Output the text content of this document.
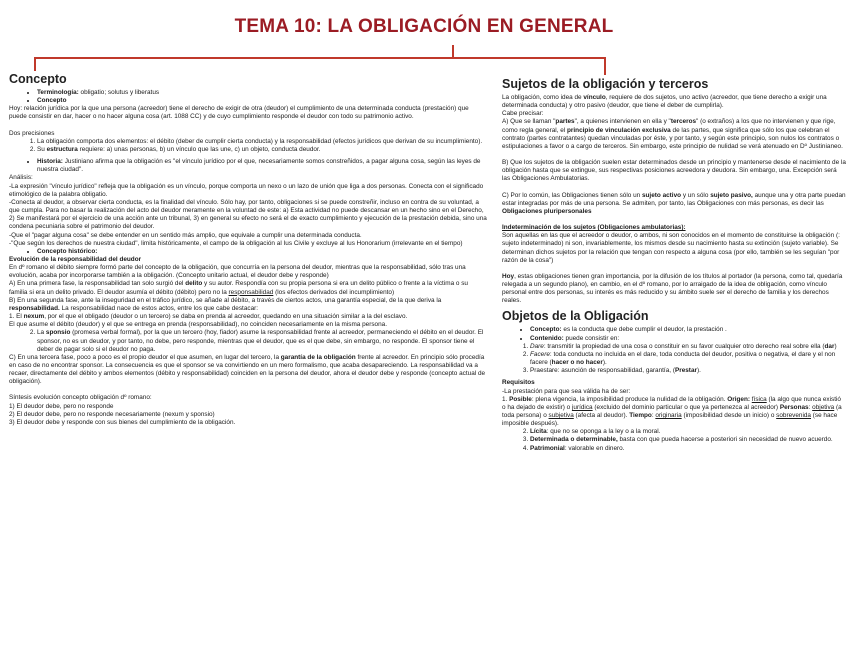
TEMA 10: LA OBLIGACIÓN EN GENERAL
Concepto
• Terminología: obligatio; solutus y liberatus
• Concepto

Hoy: relación jurídica por la que una persona (acreedor) tiene el derecho de exigir de otra (deudor) el cumplimiento de una determinada conducta (prestación) que puede consistir en dar, hacer o no hacer alguna cosa (art. 1088 CC) y de cuyo cumplimiento responde el deudor con todo su patrimonio activo.

Dos precisiones

1. La obligación comporta dos elementos: el débito (deber de cumplir cierta conducta) y la responsabilidad (efectos jurídicos que derivan de su incumplimiento).
2. Su estructura requiere: a) unas personas, b) un vínculo que las une, c) un objeto, conducta deudor.
• Historia: Justiniano afirma que la obligación es "el vínculo jurídico por el que, necesariamente somos constreñidos, a pagar alguna cosa, según las leyes de nuestra ciudad".

Análisis:

-La expresión "vínculo jurídico" refleja que la obligación es un vínculo, porque comporta un nexo o un lazo de unión que liga a dos personas. Conecta con el significado etimológico de la palabra obligatio.

-Conecta al deudor, a observar cierta conducta, es la finalidad del vínculo. Sólo hay, por tanto, obligaciones si se puede constreñir, incluso en contra de su voluntad, a que cumpla. Para no basar la realización del acto del deudor meramente en la voluntad de este: a) Esta actividad no puede descansar en un hecho sino en el Derecho, 2) Se manifestará por el ejercicio de una acción ante un tribunal, 3) en general su efecto no será el de exacto cumplimiento y ejecución de la prestación debida, sino una condena pecuniaria sobre el patrimonio del deudor.

-Que el "pagar alguna cosa" se debe entender en un sentido más amplio, que equivale a cumplir una determinada conducta.

-"Que según los derechos de nuestra ciudad", limita históricamente, el campo de la obligación al Ius Civile y excluye al Ius Honorarium (irrelevante en el tiempo)

• Concepto histórico:

Evolución de la responsabilidad del deudor

En dº romano el débito siempre formó parte del concepto de la obligación, que concurría en la persona del deudor, mientras que la responsabilidad, sólo tras una evolución, acaba por incorporarse también a la obligación. (Concepto unitario actual, el deudor debe y responde)

A) En una primera fase, la responsabilidad tan solo surgió del delito y su autor. Respondía con su propia persona si era un delito público o frente a la víctima o su familia si era un delito privado. El deudor asumía el débito (débito) pero no la responsabilidad (los efectos derivados del incumplimiento)

B) En una segunda fase, ante la inseguridad en el tráfico jurídico, se añade al débito, a través de ciertos actos, una garantía especial, de la que deriva la responsabilidad. La responsabilidad nace de estos actos, entre los que cabe destacar:

1. El nexum, por el que el obligado (deudor o un tercero) se daba en prenda al acreedor, quedando en una situación similar a la del esclavo.

El que asume el débito (deudor) y el que se entrega en prenda (responsabilidad), no coinciden necesariamente en la misma persona.

2. La sponsio (promesa verbal formal), por la que un tercero (hoy, fiador) asume la responsabilidad frente al acreedor, permaneciendo el débito en el deudor. El sponsor, no es un deudor, y por tanto, no debe, pero responde, mientras que el deudor, que es el que debe, sin embargo, no responde. El sponsor tiene el deber de pagar solo si el deudor no paga.

C) En una tercera fase, poco a poco es el propio deudor el que asumen, en lugar del tercero, la garantía de la obligación frente al acreedor. En principio sólo procedía en caso de no encontrar sponsor. La consecuencia es que el sponsor se va convirtiendo en un mero formalismo, que acaba desapareciendo. La responsabilidad va a recaer, directamente del débito y ambos elementos (débito y responsabilidad) coinciden en la persona del deudor, ahora el deudor debe y responde (concepto actual de obligación).

Síntesis evolución concepto obligación dº romano:

1) El deudor debe, pero no responde

2) El deudor debe, pero no responde necesariamente (nexum y sponsio)

3) El deudor debe y responde con sus bienes del cumplimiento de la obligación.

Sujetos de la obligación y terceros

La obligación, como idea de vínculo, requiere de dos sujetos, uno activo (acreedor, que tiene derecho a exigir una determinada conducta) y otro pasivo (deudor, que tiene el deber de cumplirla).

Cabe precisar:

A) Que se llaman "partes", a quienes intervienen en ella y "terceros" (o extraños) a los que no intervienen y que rige, como regla general, el principio de vinculación exclusiva de las partes, que significa que sólo los que celebran el contrato (partes contratantes) quedan vinculadas por éste, y por tanto, y según este principio, son nulos los contratos o estipulaciones a favor o a cargo de terceros. Sin embargo, este principio de nulidad se verá atenuado en Dº Justinianeo.

B) Que los sujetos de la obligación suelen estar determinados desde un principio y mantenerse desde el nacimiento de la obligación hasta que se extingue, sus respectivas posiciones acreedora y deudora. Sin embargo, una. Excepción será las Obligaciones Ambulatorias.

C) Por lo común, las Obligaciones tienen sólo un sujeto activo y un sólo sujeto pasivo, aunque una y otra parte puedan estar integradas por más de una persona. Se admiten, por tanto, las Obligaciones con más personas, es decir las Obligaciones pluripersonales

Indeterminación de los sujetos (Obligaciones ambulatorias):

Son aquellas en las que el acreedor o deudor, o ambos, ni son conocidos en el momento de constituirse la obligación (: sujeto indeterminado) ni son, invariablemente, los mismos desde su nacimiento hasta su extinción (sujeto variable). Se determinan dichos sujetos por la relación que tengan con respecto a alguna cosa (por ello, también se les seguían "por razón de la cosa")

Hoy, estas obligaciones tienen gran importancia, por la difusión de los títulos al portador (la persona, como tal, quedaría relegada a un segundo plano), en cambio, en el dº romano, por lo arraigado de la idea de obligación, como vínculo personal entre dos personas, su interés es más reducido y su ámbito suele ser el derecho de familia y los derechos reales.

Objetos de la Obligación
• Concepto: es la conducta que debe cumplir el deudor, la prestación .
• Contenido: puede consistir en:
1. Dare: transmitir la propiedad de una cosa o constituir en su favor cualquier otro derecho real sobre ella (dar)
2. Facere: toda conducta no incluida en el dare, toda conducta del deudor, positiva o negativa, el dare y el non facere (hacer o no hacer).
3. Praestare: asunción de responsabilidad, garantía, (Prestar).

Requisitos

-La prestación para que sea válida ha de ser:

1. Posible: plena vigencia, la imposibilidad produce la nulidad de la obligación. Origen: física (la algo que nunca existió o ha dejado de existir) o jurídica (excluido del dominio particular o que ya pertenezca al acreedor) Personas: objetiva (a toda persona) o subjetiva (afecta al deudor). Tiempo: originaria (imposibilidad desde un inicio) o sobrevenida (se hace imposible después).

2. Lícita: que no se oponga a la ley o a la moral.
3. Determinada o determinable, basta con que pueda hacerse a posteriori sin necesidad de nuevo acuerdo.
4. Patrimonial: valorable en dinero.
